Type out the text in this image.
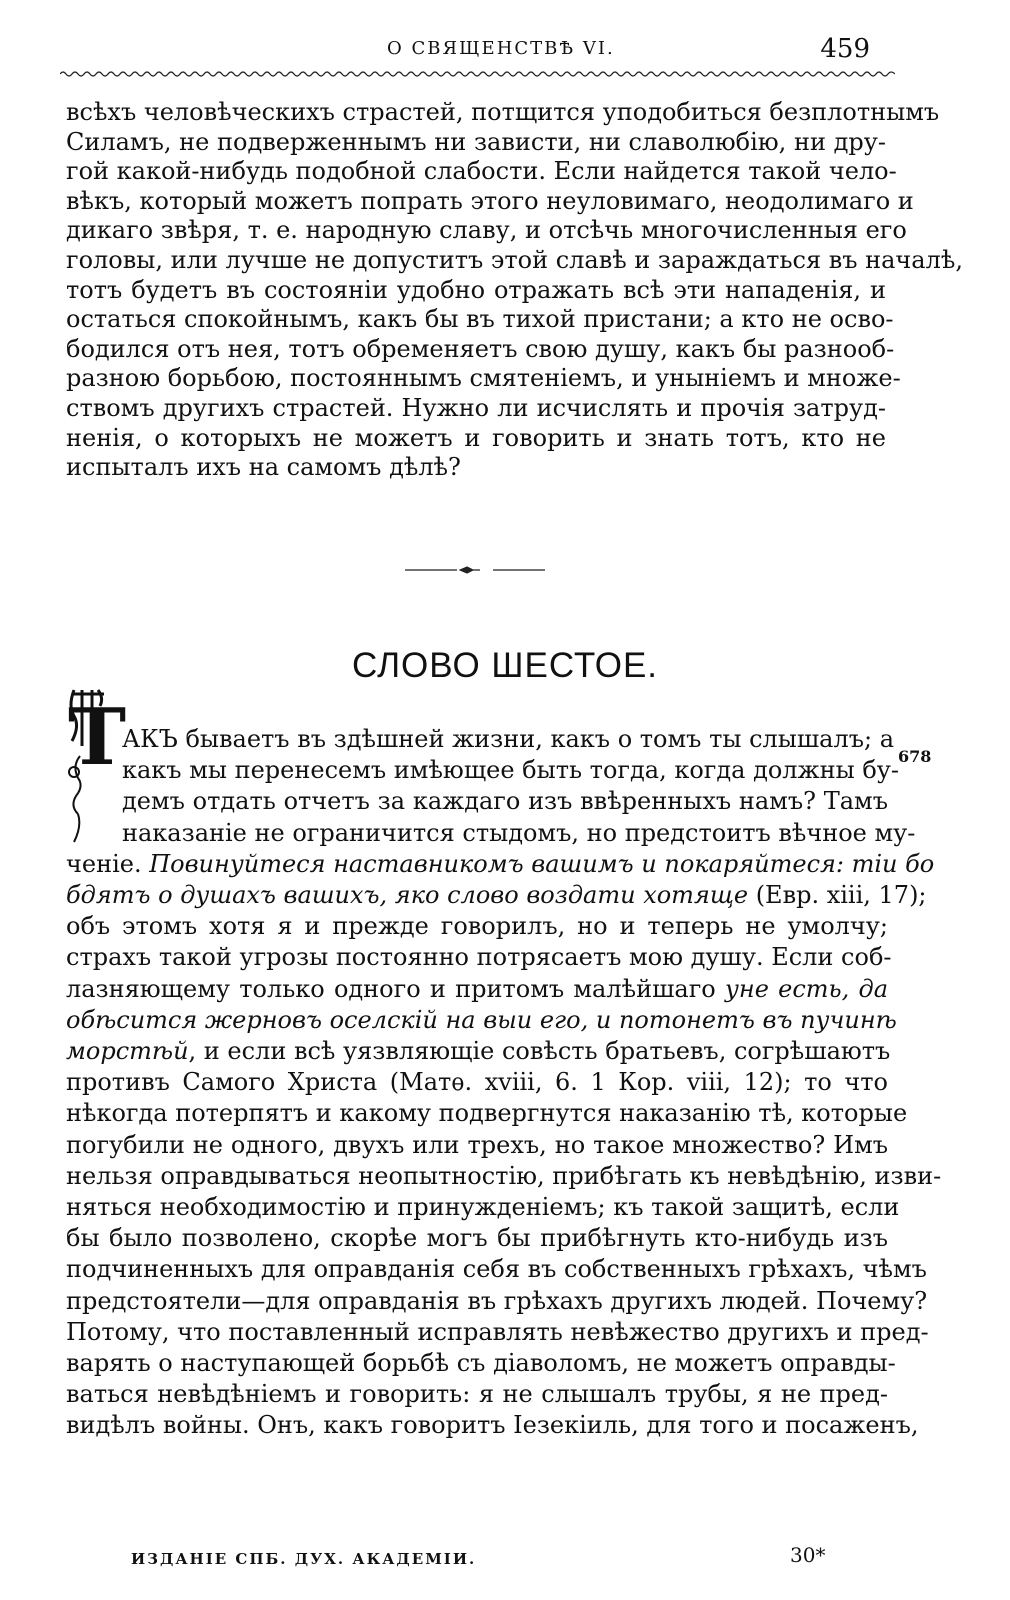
О СВЯЩЕНСТВѢ VI.	459
всѣхъ человѣческихъ страстей, потщится уподобиться безплотнымъ
Силамъ, не подверженнымъ ни зависти, ни славолюбію, ни дру-
гой какой-нибудь подобной слабости. Если найдется такой чело-
вѣкъ, который можетъ попрать этого неуловимаго, неодолимаго и
дикаго звѣря, т. е. народную славу, и отсѣчь многочисленныя его
головы, или лучше не допуститъ этой славѣ и зараждаться въ началѣ,
тотъ будетъ въ состояніи удобно отражать всѣ эти нападенія, и
остаться спокойнымъ, какъ бы въ тихой пристани; а кто не осво-
бодился отъ нея, тотъ обременяетъ свою душу, какъ бы разнооб-
разною борьбою, постояннымъ смятеніемъ, и уныніемъ и множе-
ствомъ другихъ страстей. Нужно ли исчислять и прочія затруд-
ненія, о которыхъ не можетъ и говорить и знать тотъ, кто не
испыталъ ихъ на самомъ дѣлѣ?
СЛОВО ШЕСТОЕ.
678
Т
АКЪ бываетъ въ здѣшней жизни, какъ о томъ ты слышалъ; а
какъ мы перенесемъ имѣющее быть тогда, когда должны бу-
демъ отдать отчетъ за каждаго изъ ввѣренныхъ намъ? Тамъ
наказаніе не ограничится стыдомъ, но предстоитъ вѣчное му-
ченіе. Повинуйтеся наставникомъ вашимъ и покаряйтеся: тіи бо
бдятъ о душахъ вашихъ, яко слово воздати хотяще (Евр. xiii, 17);
объ этомъ хотя я и прежде говорилъ, но и теперь не умолчу;
страхъ такой угрозы постоянно потрясаетъ мою душу. Если соб-
лазняющему только одного и притомъ малѣйшаго уне есть, да
обѣсится жерновъ оселскій на выи его, и потонетъ въ пучинѣ
морстѣй, и если всѣ уязвляющіе совѣсть братьевъ, согрѣшаютъ
противъ Самого Христа (Матѳ. xviii, 6. 1 Кор. viii, 12); то что
нѣкогда потерпятъ и какому подвергнутся наказанію тѣ, которые
погубили не одного, двухъ или трехъ, но такое множество? Имъ
нельзя оправдываться неопытностію, прибѣгать къ невѣдѣнію, изви-
няться необходимостію и принужденіемъ; къ такой защитѣ, если
бы было позволено, скорѣе могъ бы прибѣгнуть кто-нибудь изъ
подчиненныхъ для оправданія себя въ собственныхъ грѣхахъ, чѣмъ
предстоятели—для оправданія въ грѣхахъ другихъ людей. Почему?
Потому, что поставленный исправлять невѣжество другихъ и пред-
варять о наступающей борьбѣ съ діаволомъ, не можетъ оправды-
ваться невѣдѣніемъ и говорить: я не слышалъ трубы, я не пред-
видѣлъ войны. Онъ, какъ говоритъ Іезекіиль, для того и посаженъ,
ИЗДАНІЕ СПБ. ДУХ. АКАДЕМІИ.	30*
